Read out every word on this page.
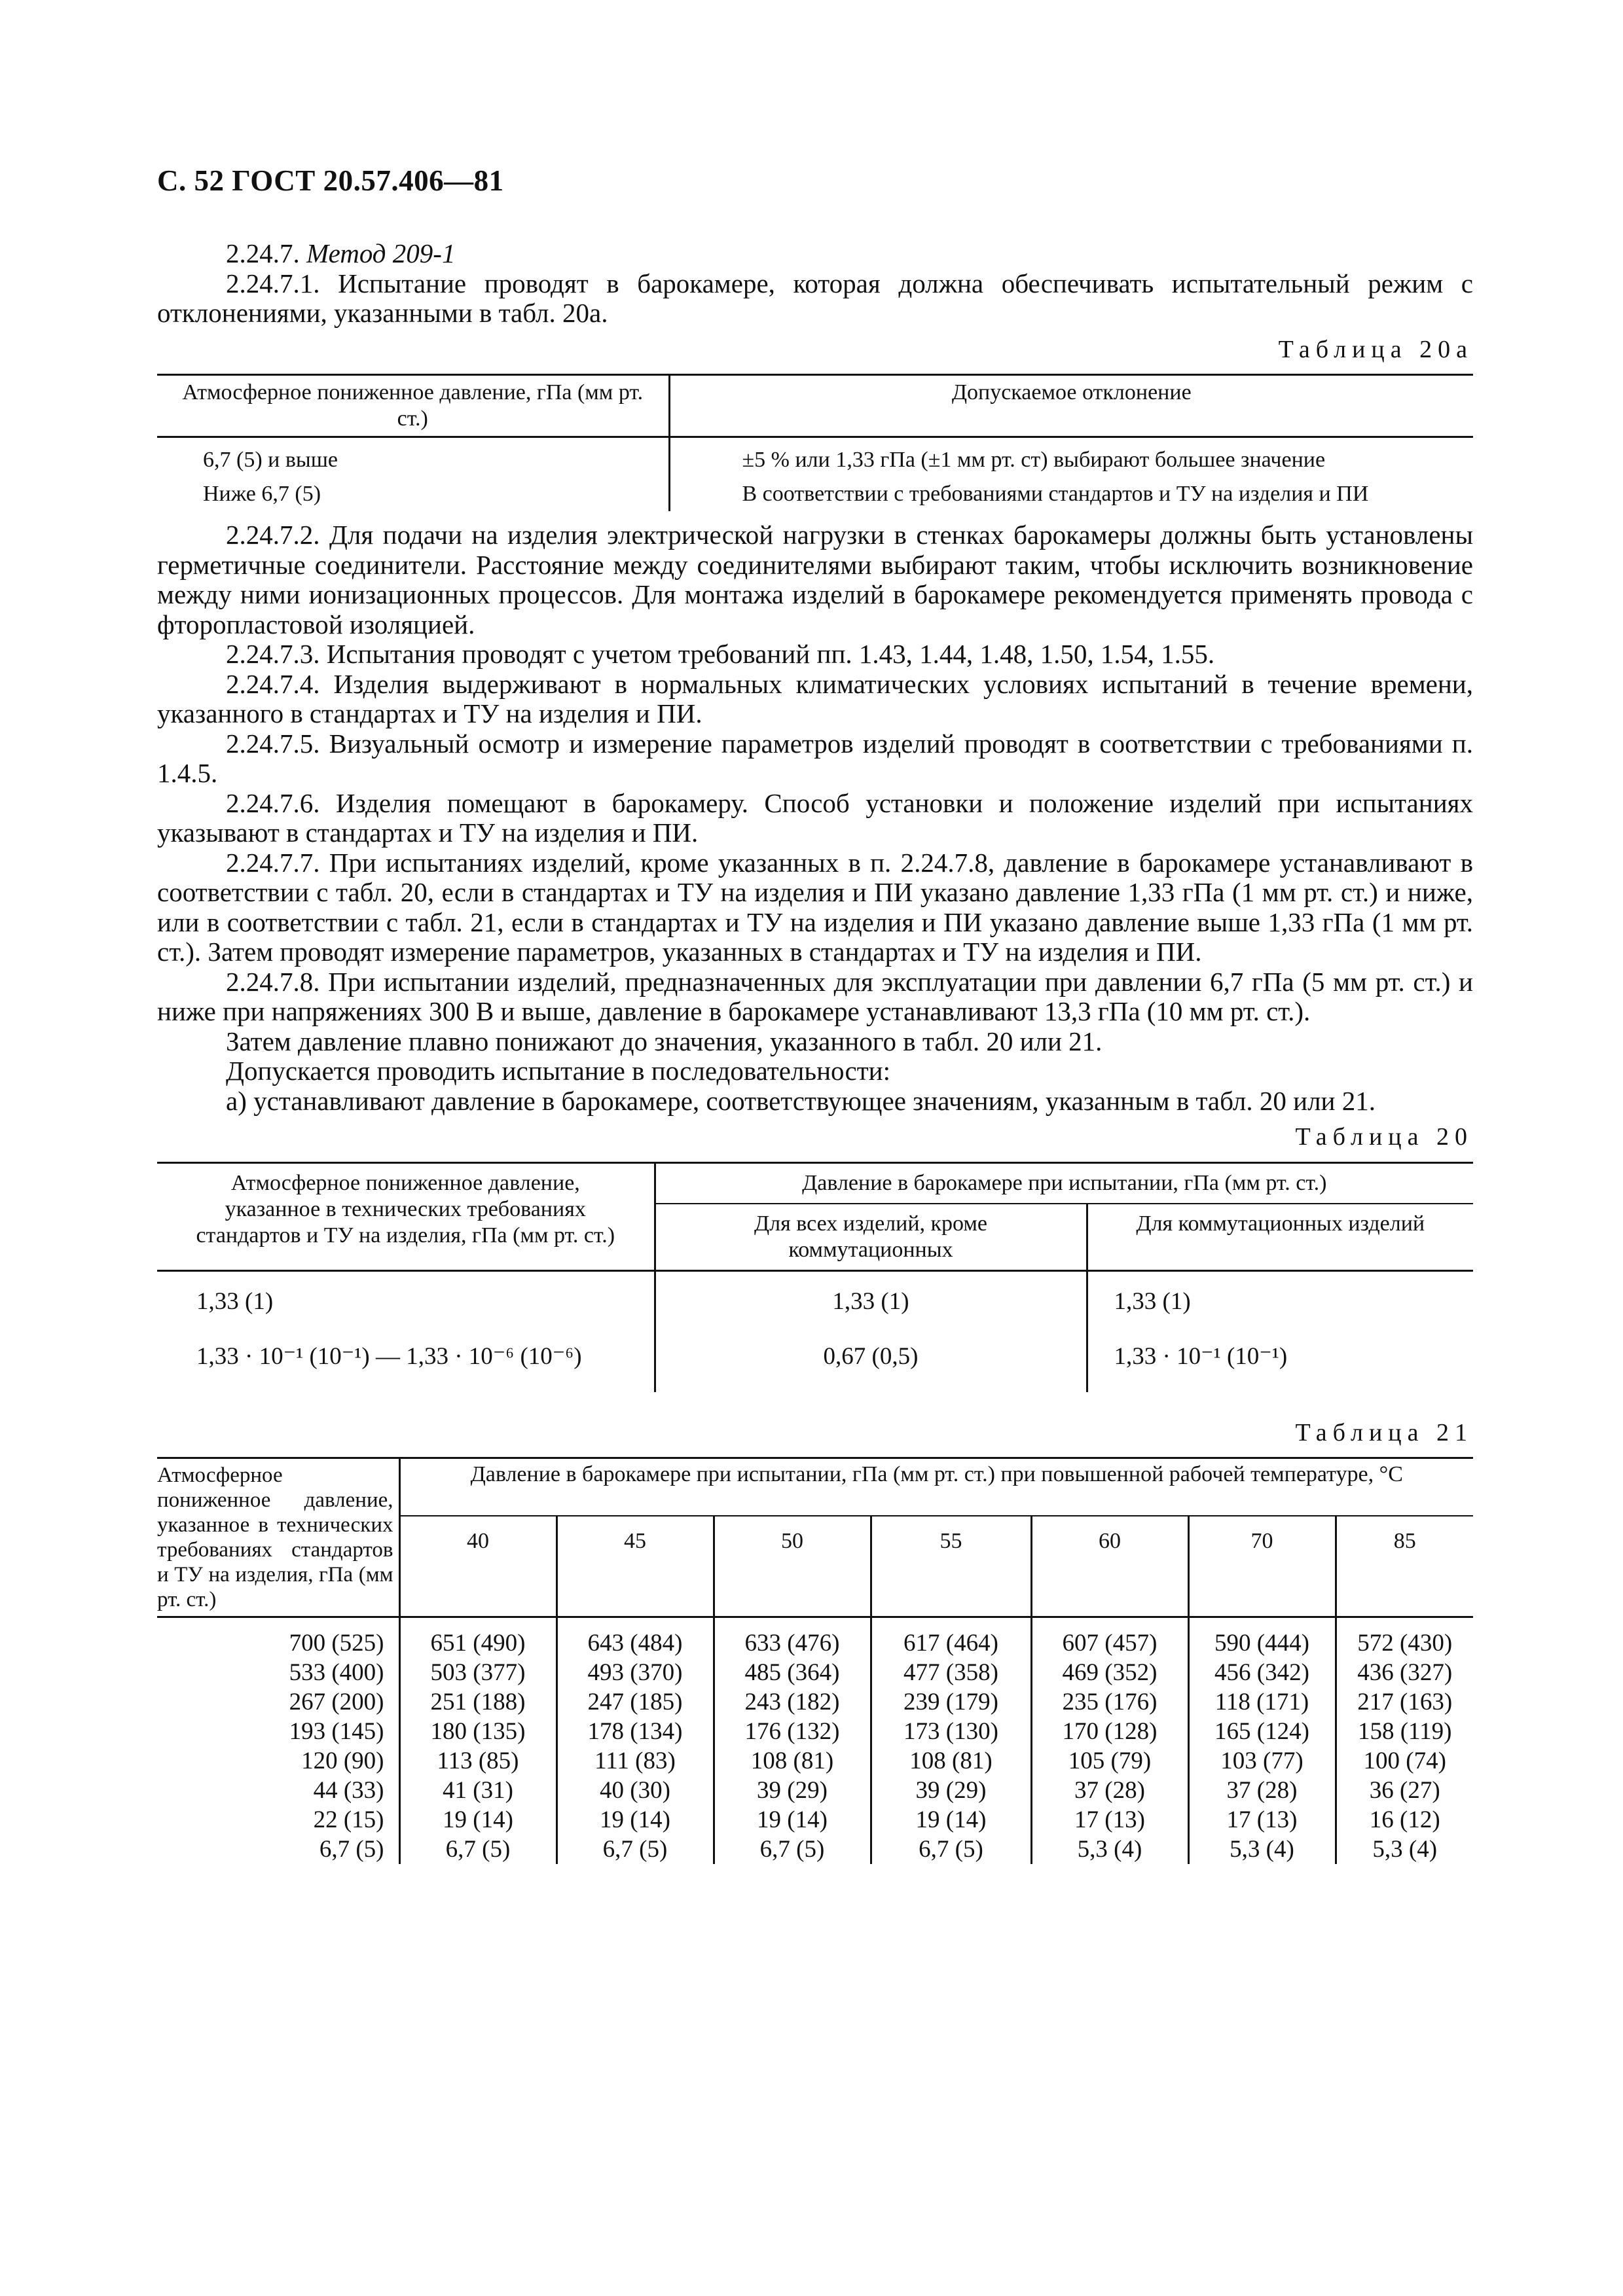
С. 52 ГОСТ 20.57.406—81

2.24.7. Метод 209-1

2.24.7.1. Испытание проводят в барокамере, которая должна обеспечивать испытательный режим с отклонениями, указанными в табл. 20а.

Таблица 20а
Атмосферное пониженное давление, гПа (мм рт. ст.)	Допускаемое отклонение
6,7 (5) и выше	±5 % или 1,33 гПа (±1 мм рт. ст) выбирают большее значение
Ниже 6,7 (5)	В соответствии с требованиями стандартов и ТУ на изделия и ПИ

2.24.7.2. Для подачи на изделия электрической нагрузки в стенках барокамеры должны быть установлены герметичные соединители. Расстояние между соединителями выбирают таким, чтобы исключить возникновение между ними ионизационных процессов. Для монтажа изделий в барокамере рекомендуется применять провода с фторопластовой изоляцией.

2.24.7.3. Испытания проводят с учетом требований пп. 1.43, 1.44, 1.48, 1.50, 1.54, 1.55.

2.24.7.4. Изделия выдерживают в нормальных климатических условиях испытаний в течение времени, указанного в стандартах и ТУ на изделия и ПИ.

2.24.7.5. Визуальный осмотр и измерение параметров изделий проводят в соответствии с требованиями п. 1.4.5.

2.24.7.6. Изделия помещают в барокамеру. Способ установки и положение изделий при испытаниях указывают в стандартах и ТУ на изделия и ПИ.

2.24.7.7. При испытаниях изделий, кроме указанных в п. 2.24.7.8, давление в барокамере устанавливают в соответствии с табл. 20, если в стандартах и ТУ на изделия и ПИ указано давление 1,33 гПа (1 мм рт. ст.) и ниже, или в соответствии с табл. 21, если в стандартах и ТУ на изделия и ПИ указано давление выше 1,33 гПа (1 мм рт. ст.). Затем проводят измерение параметров, указанных в стандартах и ТУ на изделия и ПИ.

2.24.7.8. При испытании изделий, предназначенных для эксплуатации при давлении 6,7 гПа (5 мм рт. ст.) и ниже при напряжениях 300 В и выше, давление в барокамере устанавливают 13,3 гПа (10 мм рт. ст.).

Затем давление плавно понижают до значения, указанного в табл. 20 или 21.

Допускается проводить испытание в последовательности:

а) устанавливают давление в барокамере, соответствующее значениям, указанным в табл. 20 или 21.

Таблица 20
Атмосферное пониженное давление, указанное в технических требованиях стандартов и ТУ на изделия, гПа (мм рт. ст.)	Давление в барокамере при испытании, гПа (мм рт. ст.)	
	Для всех изделий, кроме коммутационных	Для коммутационных изделий
1,33 (1)	1,33 (1)	1,33 (1)
1,33 · 10⁻¹ (10⁻¹) — 1,33 · 10⁻⁶ (10⁻⁶)	0,67 (0,5)	1,33 · 10⁻¹ (10⁻¹)
Таблица 21
Атмосферное пониженное давление, указанное в технических требованиях стандартов и ТУ на изделия, гПа (мм рт. ст.)	Давление в барокамере при испытании, гПа (мм рт. ст.) при повышенной рабочей температуре, °С						
	40	45	50	55	60	70	85
700 (525)	651 (490)	643 (484)	633 (476)	617 (464)	607 (457)	590 (444)	572 (430)
533 (400)	503 (377)	493 (370)	485 (364)	477 (358)	469 (352)	456 (342)	436 (327)
267 (200)	251 (188)	247 (185)	243 (182)	239 (179)	235 (176)	118 (171)	217 (163)
193 (145)	180 (135)	178 (134)	176 (132)	173 (130)	170 (128)	165 (124)	158 (119)
120 (90)	113 (85)	111 (83)	108 (81)	108 (81)	105 (79)	103 (77)	100 (74)
44 (33)	41 (31)	40 (30)	39 (29)	39 (29)	37 (28)	37 (28)	36 (27)
22 (15)	19 (14)	19 (14)	19 (14)	19 (14)	17 (13)	17 (13)	16 (12)
6,7 (5)	6,7 (5)	6,7 (5)	6,7 (5)	6,7 (5)	5,3 (4)	5,3 (4)	5,3 (4)
